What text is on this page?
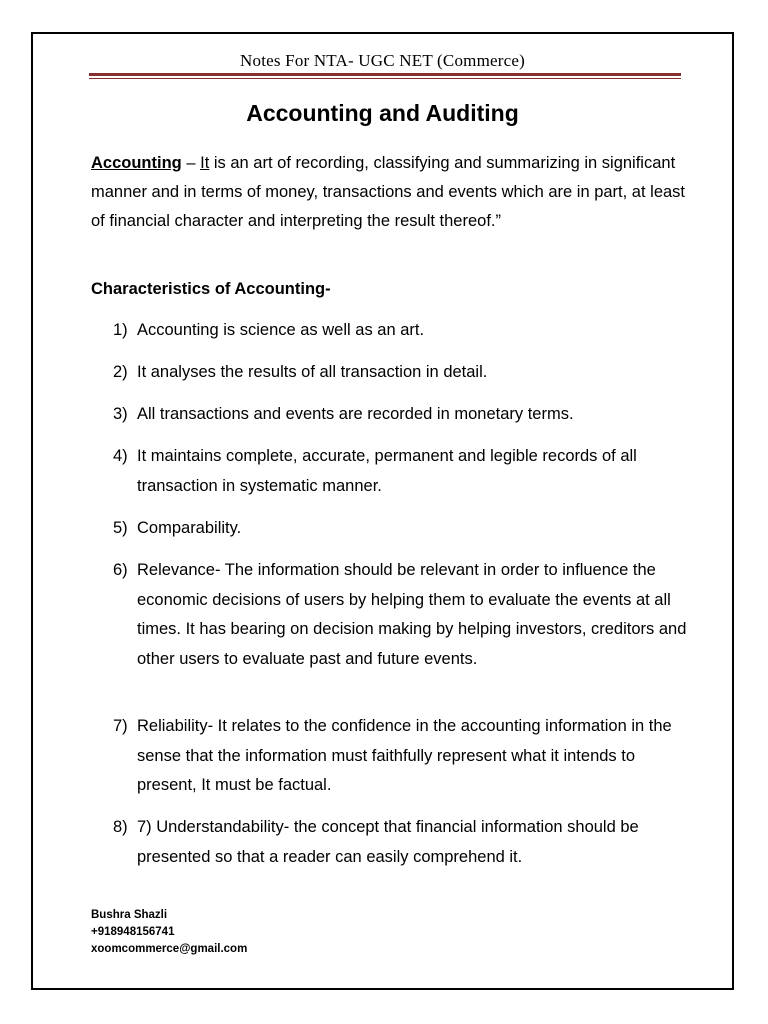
Notes For NTA- UGC NET (Commerce)
Accounting and Auditing
Accounting – It is an art of recording, classifying and summarizing in significant manner and in terms of money, transactions and events which are in part, at least of financial character and interpreting the result thereof.”
Characteristics of Accounting-
1) Accounting is science as well as an art.
2) It analyses the results of all transaction in detail.
3) All transactions and events are recorded in monetary terms.
4) It maintains complete, accurate, permanent and legible records of all transaction in systematic manner.
5) Comparability.
6) Relevance- The information should be relevant in order to influence the economic decisions of users by helping them to evaluate the events at all times. It has bearing on decision making by helping investors, creditors and other users to evaluate past and future events.
7) Reliability- It relates to the confidence in the accounting information in the sense that the information must faithfully represent what it intends to present, It must be factual.
8) 7) Understandability- the concept that financial information should be presented so that a reader can easily comprehend it.
Bushra Shazli
+918948156741
xoomcommerce@gmail.com
